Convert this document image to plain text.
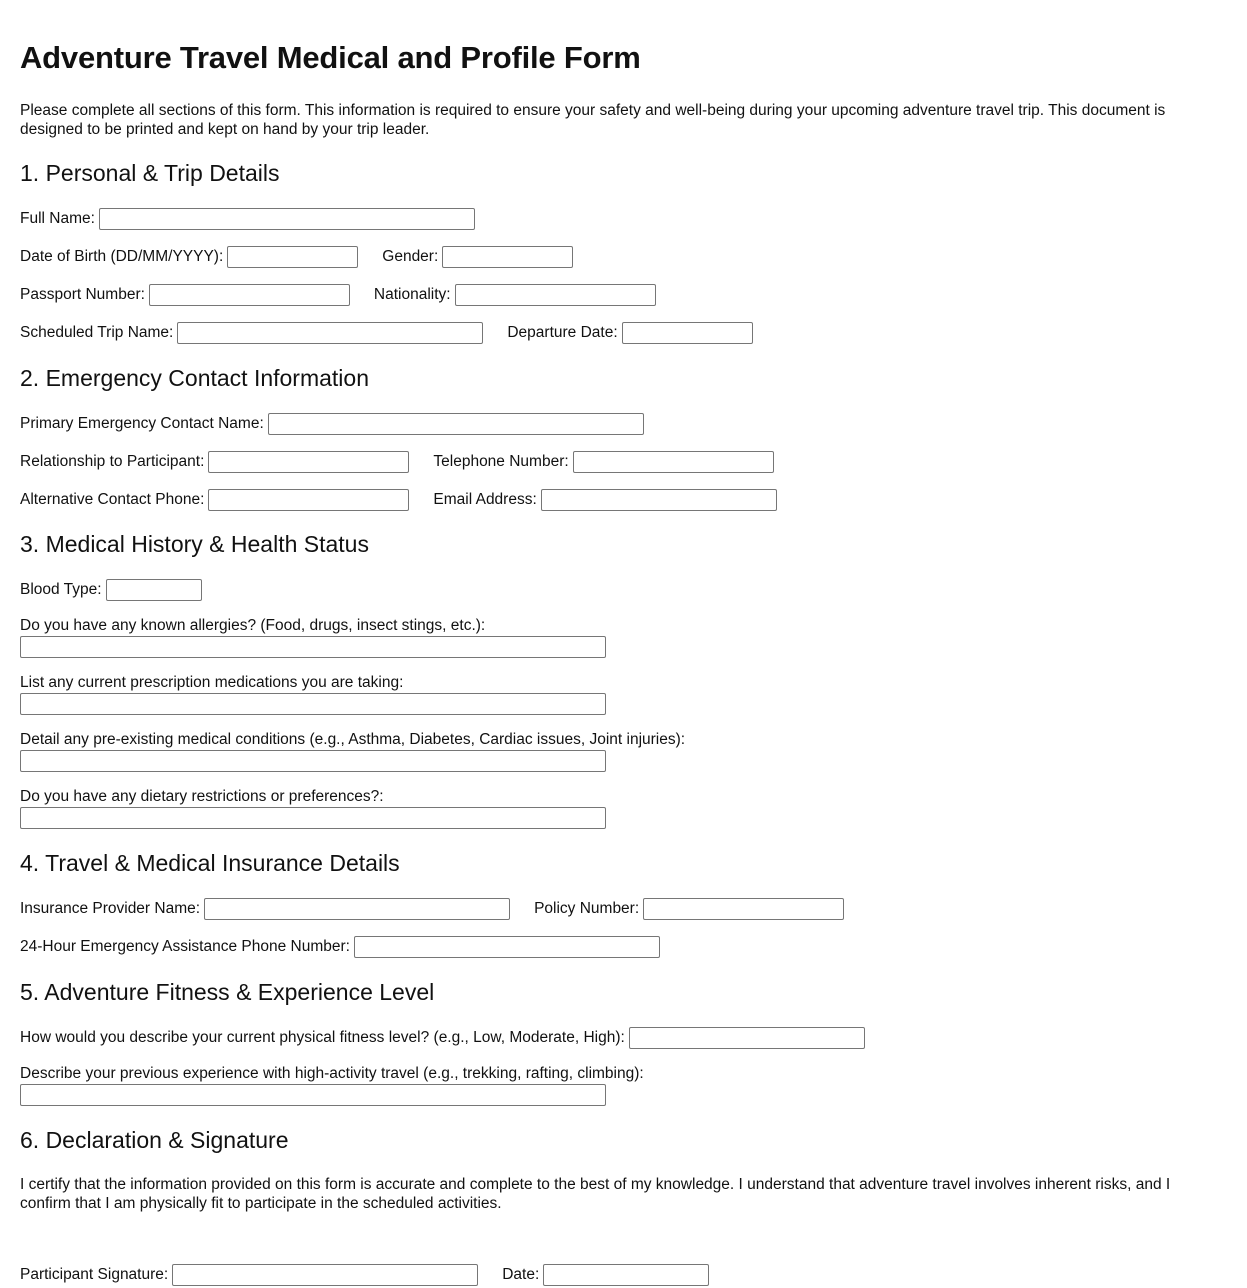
Adventure Travel Medical and Profile Form

Please complete all sections of this form. This information is required to ensure your safety and well-being during your upcoming adventure travel trip. This document is designed to be printed and kept on hand by your trip leader.

1. Personal & Trip Details
Full Name:
Date of Birth (DD/MM/YYYY):	Gender:
Passport Number:	Nationality:
Scheduled Trip Name:	Departure Date:
2. Emergency Contact Information
Primary Emergency Contact Name:
Relationship to Participant:	Telephone Number:
Alternative Contact Phone:	Email Address:
3. Medical History & Health Status
Blood Type:
Do you have any known allergies? (Food, drugs, insect stings, etc.):
List any current prescription medications you are taking:
Detail any pre-existing medical conditions (e.g., Asthma, Diabetes, Cardiac issues, Joint injuries):
Do you have any dietary restrictions or preferences?:
4. Travel & Medical Insurance Details
Insurance Provider Name:	Policy Number:
24-Hour Emergency Assistance Phone Number:
5. Adventure Fitness & Experience Level
How would you describe your current physical fitness level? (e.g., Low, Moderate, High):
Describe your previous experience with high-activity travel (e.g., trekking, rafting, climbing):
6. Declaration & Signature

I certify that the information provided on this form is accurate and complete to the best of my knowledge. I understand that adventure travel involves inherent risks, and I confirm that I am physically fit to participate in the scheduled activities.

Participant Signature:	Date:
